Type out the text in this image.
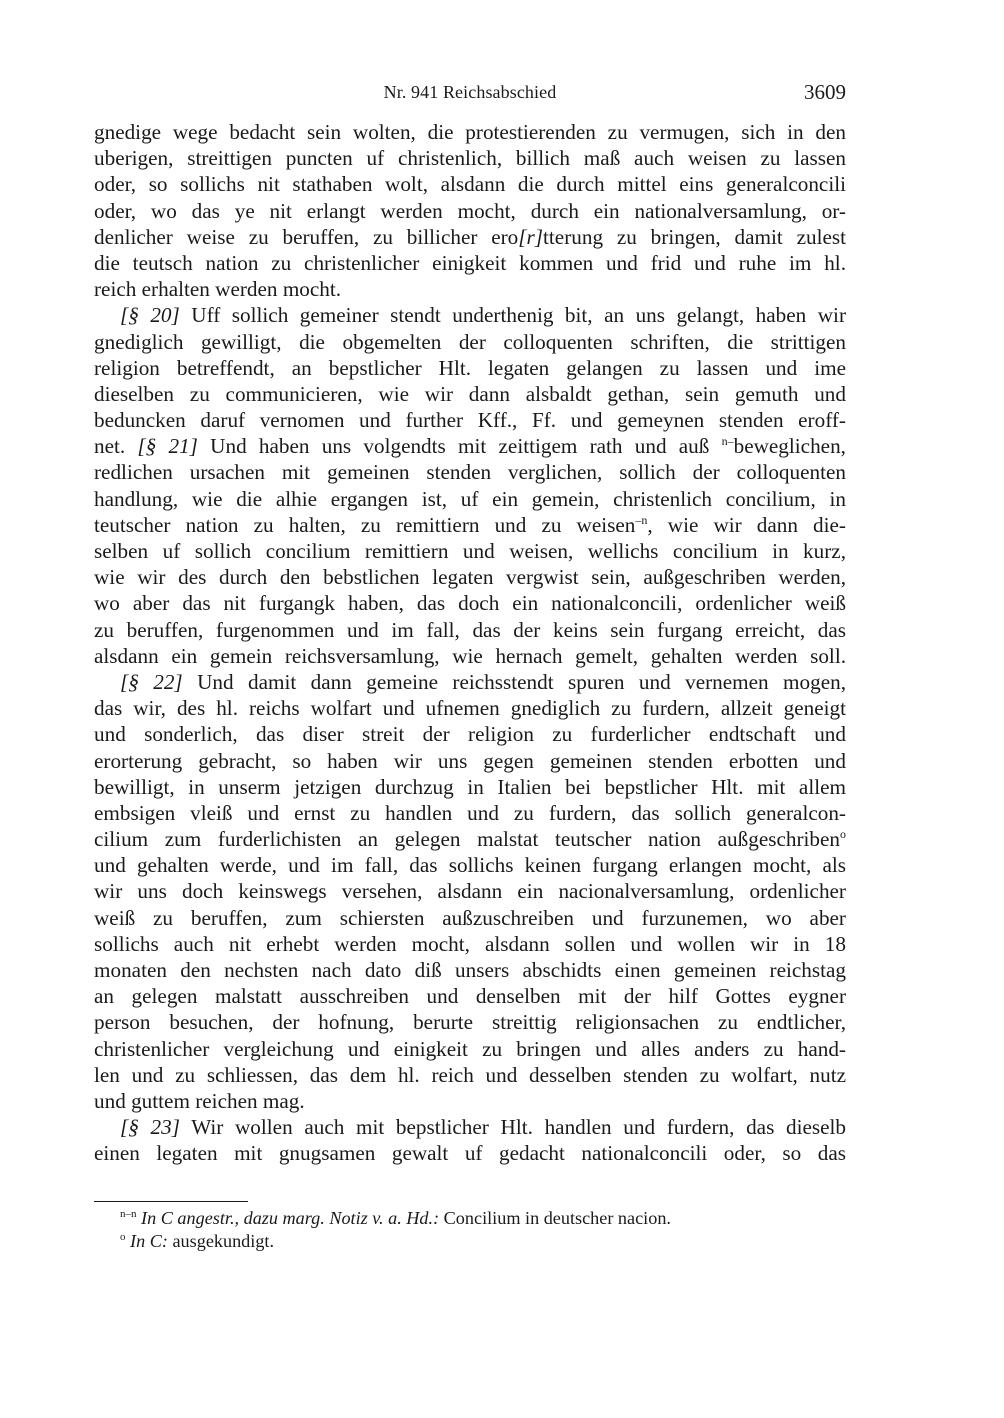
Nr. 941 Reichsabschied	3609
gnedige wege bedacht sein wolten, die protestierenden zu vermugen, sich in den
uberigen, streittigen puncten uf christenlich, billich maß auch weisen zu lassen
oder, so sollichs nit stathaben wolt, alsdann die durch mittel eins generalconcili
oder, wo das ye nit erlangt werden mocht, durch ein nationalversamlung, or-
denlicher weise zu beruffen, zu billicher ero[r]tterung zu bringen, damit zulest
die teutsch nation zu christenlicher einigkeit kommen und frid und ruhe im hl.
reich erhalten werden mocht.
[§ 20] Uff sollich gemeiner stendt underthenig bit, an uns gelangt, haben wir
gnediglich gewilligt, die obgemelten der colloquenten schriften, die strittigen
religion betreffendt, an bepstlicher Hlt. legaten gelangen zu lassen und ime
dieselben zu communicieren, wie wir dann alsbaldt gethan, sein gemuth und
beduncken daruf vernomen und further Kff., Ff. und gemeynen stenden eroff-
net. [§ 21] Und haben uns volgendts mit zeittigem rath und auß $^{n-}$beweglichen,
redlichen ursachen mit gemeinen stenden verglichen, sollich der colloquenten
handlung, wie die alhie ergangen ist, uf ein gemein, christenlich concilium, in
teutscher nation zu halten, zu remittiern und zu weisen$^{-n}$, wie wir dann die-
selben uf sollich concilium remittiern und weisen, wellichs concilium in kurz,
wie wir des durch den bebstlichen legaten vergwist sein, außgeschriben werden,
wo aber das nit furgangk haben, das doch ein nationalconcili, ordenlicher weiß
zu beruffen, furgenommen und im fall, das der keins sein furgang erreicht, das
alsdann ein gemein reichsversamlung, wie hernach gemelt, gehalten werden soll.
[§ 22] Und damit dann gemeine reichsstendt spuren und vernemen mogen,
das wir, des hl. reichs wolfart und ufnemen gnediglich zu furdern, allzeit geneigt
und sonderlich, das diser streit der religion zu furderlicher endtschaft und
erorterung gebracht, so haben wir uns gegen gemeinen stenden erbotten und
bewilligt, in unserm jetzigen durchzug in Italien bei bepstlicher Hlt. mit allem
embsigen vleiß und ernst zu handlen und zu furdern, das sollich generalcon-
cilium zum furderlichisten an gelegen malstat teutscher nation außgeschriben$^o$
und gehalten werde, und im fall, das sollichs keinen furgang erlangen mocht, als
wir uns doch keinswegs versehen, alsdann ein nacionalversamlung, ordenlicher
weiß zu beruffen, zum schiersten außzuschreiben und furzunemen, wo aber
sollichs auch nit erhebt werden mocht, alsdann sollen und wollen wir in 18
monaten den nechsten nach dato diß unsers abschidts einen gemeinen reichstag
an gelegen malstatt ausschreiben und denselben mit der hilf Gottes eygner
person besuchen, der hofnung, berurte streittig religionsachen zu endtlicher,
christenlicher vergleichung und einigkeit zu bringen und alles anders zu hand-
len und zu schliessen, das dem hl. reich und desselben stenden zu wolfart, nutz
und guttem reichen mag.
[§ 23] Wir wollen auch mit bepstlicher Hlt. handlen und furdern, das dieselb
einen legaten mit gnugsamen gewalt uf gedacht nationalconcili oder, so das
$^{n-n}$ In C angestr., dazu marg. Notiz v. a. Hd.: Concilium in deutscher nacion.
$^o$ In C: ausgekundigt.
